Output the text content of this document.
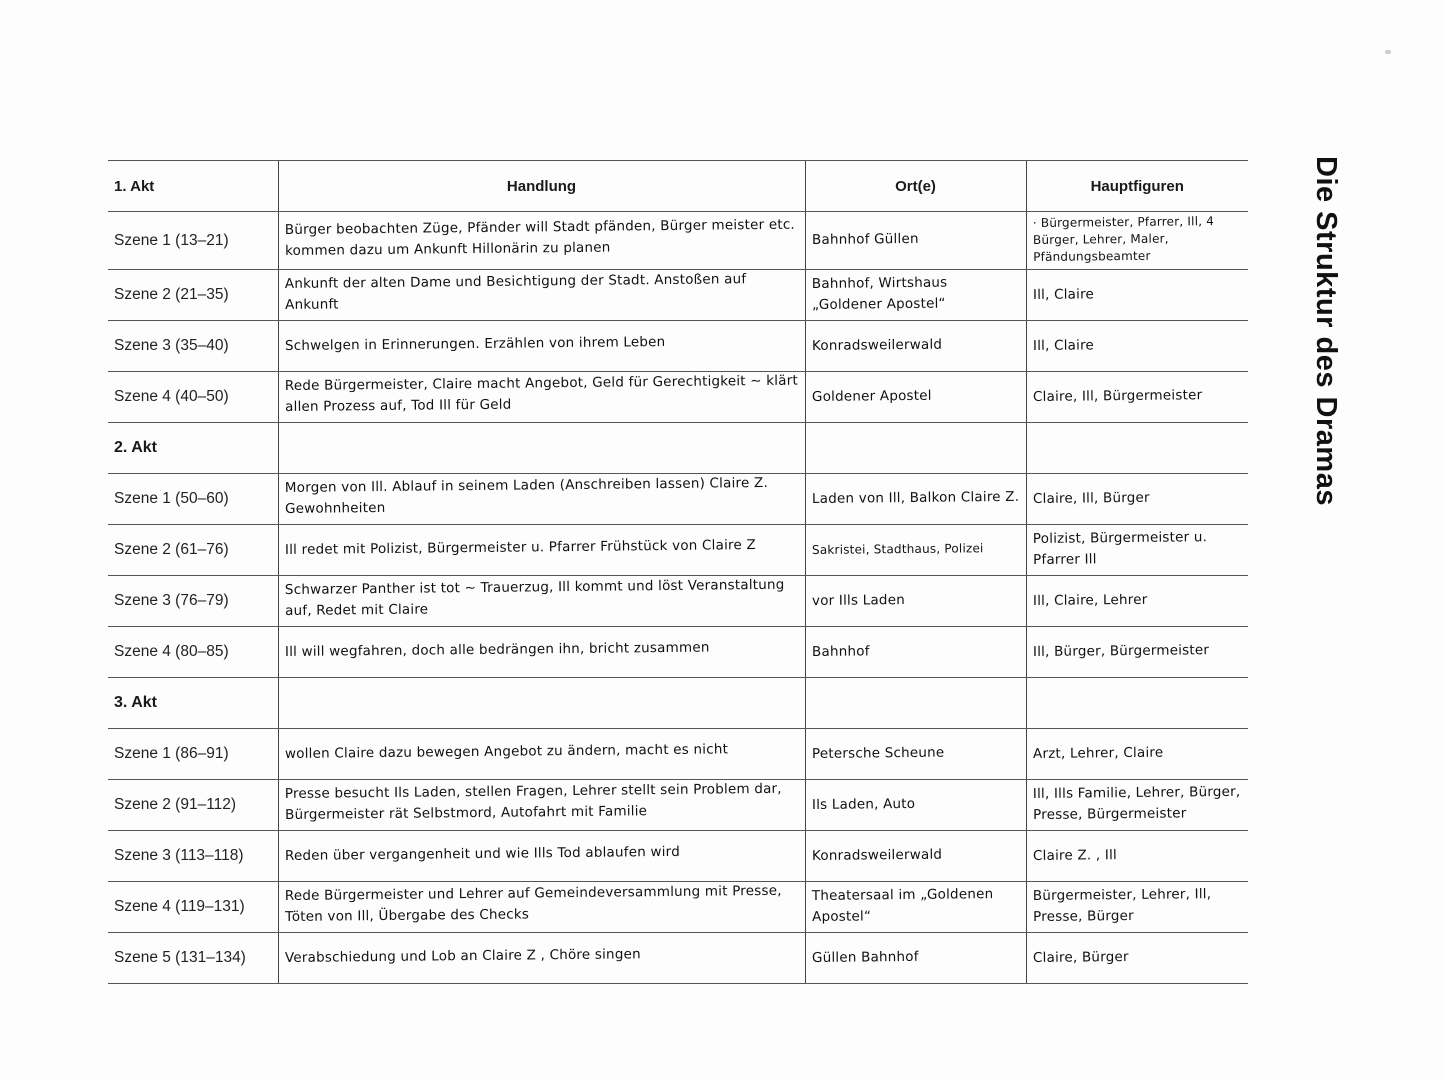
1. Akt	Handlung	Ort(e)	Hauptfiguren
Szene 1 (13–21)	Bürger beobachten Züge, Pfänder will Stadt pfänden, Bürger meister etc. kommen dazu um Ankunft Hillonärin zu planen	Bahnhof Güllen	· Bürgermeister, Pfarrer, Ill, 4 Bürger, Lehrer, Maler, Pfändungsbeamter

Szene 2 (21–35)	Ankunft der alten Dame und Besichtigung der Stadt. Anstoßen auf Ankunft	Bahnhof, Wirtshaus „Goldener Apostel“	Ill, Claire

Szene 3 (35–40)	Schwelgen in Erinnerungen. Erzählen von ihrem Leben	Konradsweilerwald	Ill, Claire

Szene 4 (40–50)	Rede Bürgermeister, Claire macht Angebot, Geld für Gerechtigkeit ~ klärt allen Prozess auf, Tod Ill für Geld	Goldener Apostel	Claire, Ill, Bürgermeister

2. Akt			
Szene 1 (50–60)	Morgen von Ill. Ablauf in seinem Laden (Anschreiben lassen) Claire Z. Gewohnheiten	Laden von Ill, Balkon Claire Z.	Claire, Ill, Bürger

Szene 2 (61–76)	Ill redet mit Polizist, Bürgermeister u. Pfarrer Frühstück von Claire Z	Sakristei, Stadthaus, Polizei	Polizist, Bürgermeister u. Pfarrer Ill

Szene 3 (76–79)	Schwarzer Panther ist tot ~ Trauerzug, Ill kommt und löst Veranstaltung auf, Redet mit Claire	vor Ills Laden	Ill, Claire, Lehrer

Szene 4 (80–85)	Ill will wegfahren, doch alle bedrängen ihn, bricht zusammen	Bahnhof	Ill, Bürger, Bürgermeister

3. Akt			
Szene 1 (86–91)	wollen Claire dazu bewegen Angebot zu ändern, macht es nicht	Petersche Scheune	Arzt, Lehrer, Claire

Szene 2 (91–112)	Presse besucht Ils Laden, stellen Fragen, Lehrer stellt sein Problem dar, Bürgermeister rät Selbstmord, Autofahrt mit Familie	Ils Laden, Auto	Ill, Ills Familie, Lehrer, Bürger, Presse, Bürgermeister

Szene 3 (113–118)	Reden über vergangenheit und wie Ills Tod ablaufen wird	Konradsweilerwald	Claire Z. , Ill

Szene 4 (119–131)	Rede Bürgermeister und Lehrer auf Gemeindeversammlung mit Presse, Töten von Ill, Übergabe des Checks	Theatersaal im „Goldenen Apostel“	Bürgermeister, Lehrer, Ill, Presse, Bürger

Szene 5 (131–134)	Verabschiedung und Lob an Claire Z , Chöre singen	Güllen Bahnhof	Claire, Bürger
Die Struktur des Dramas
